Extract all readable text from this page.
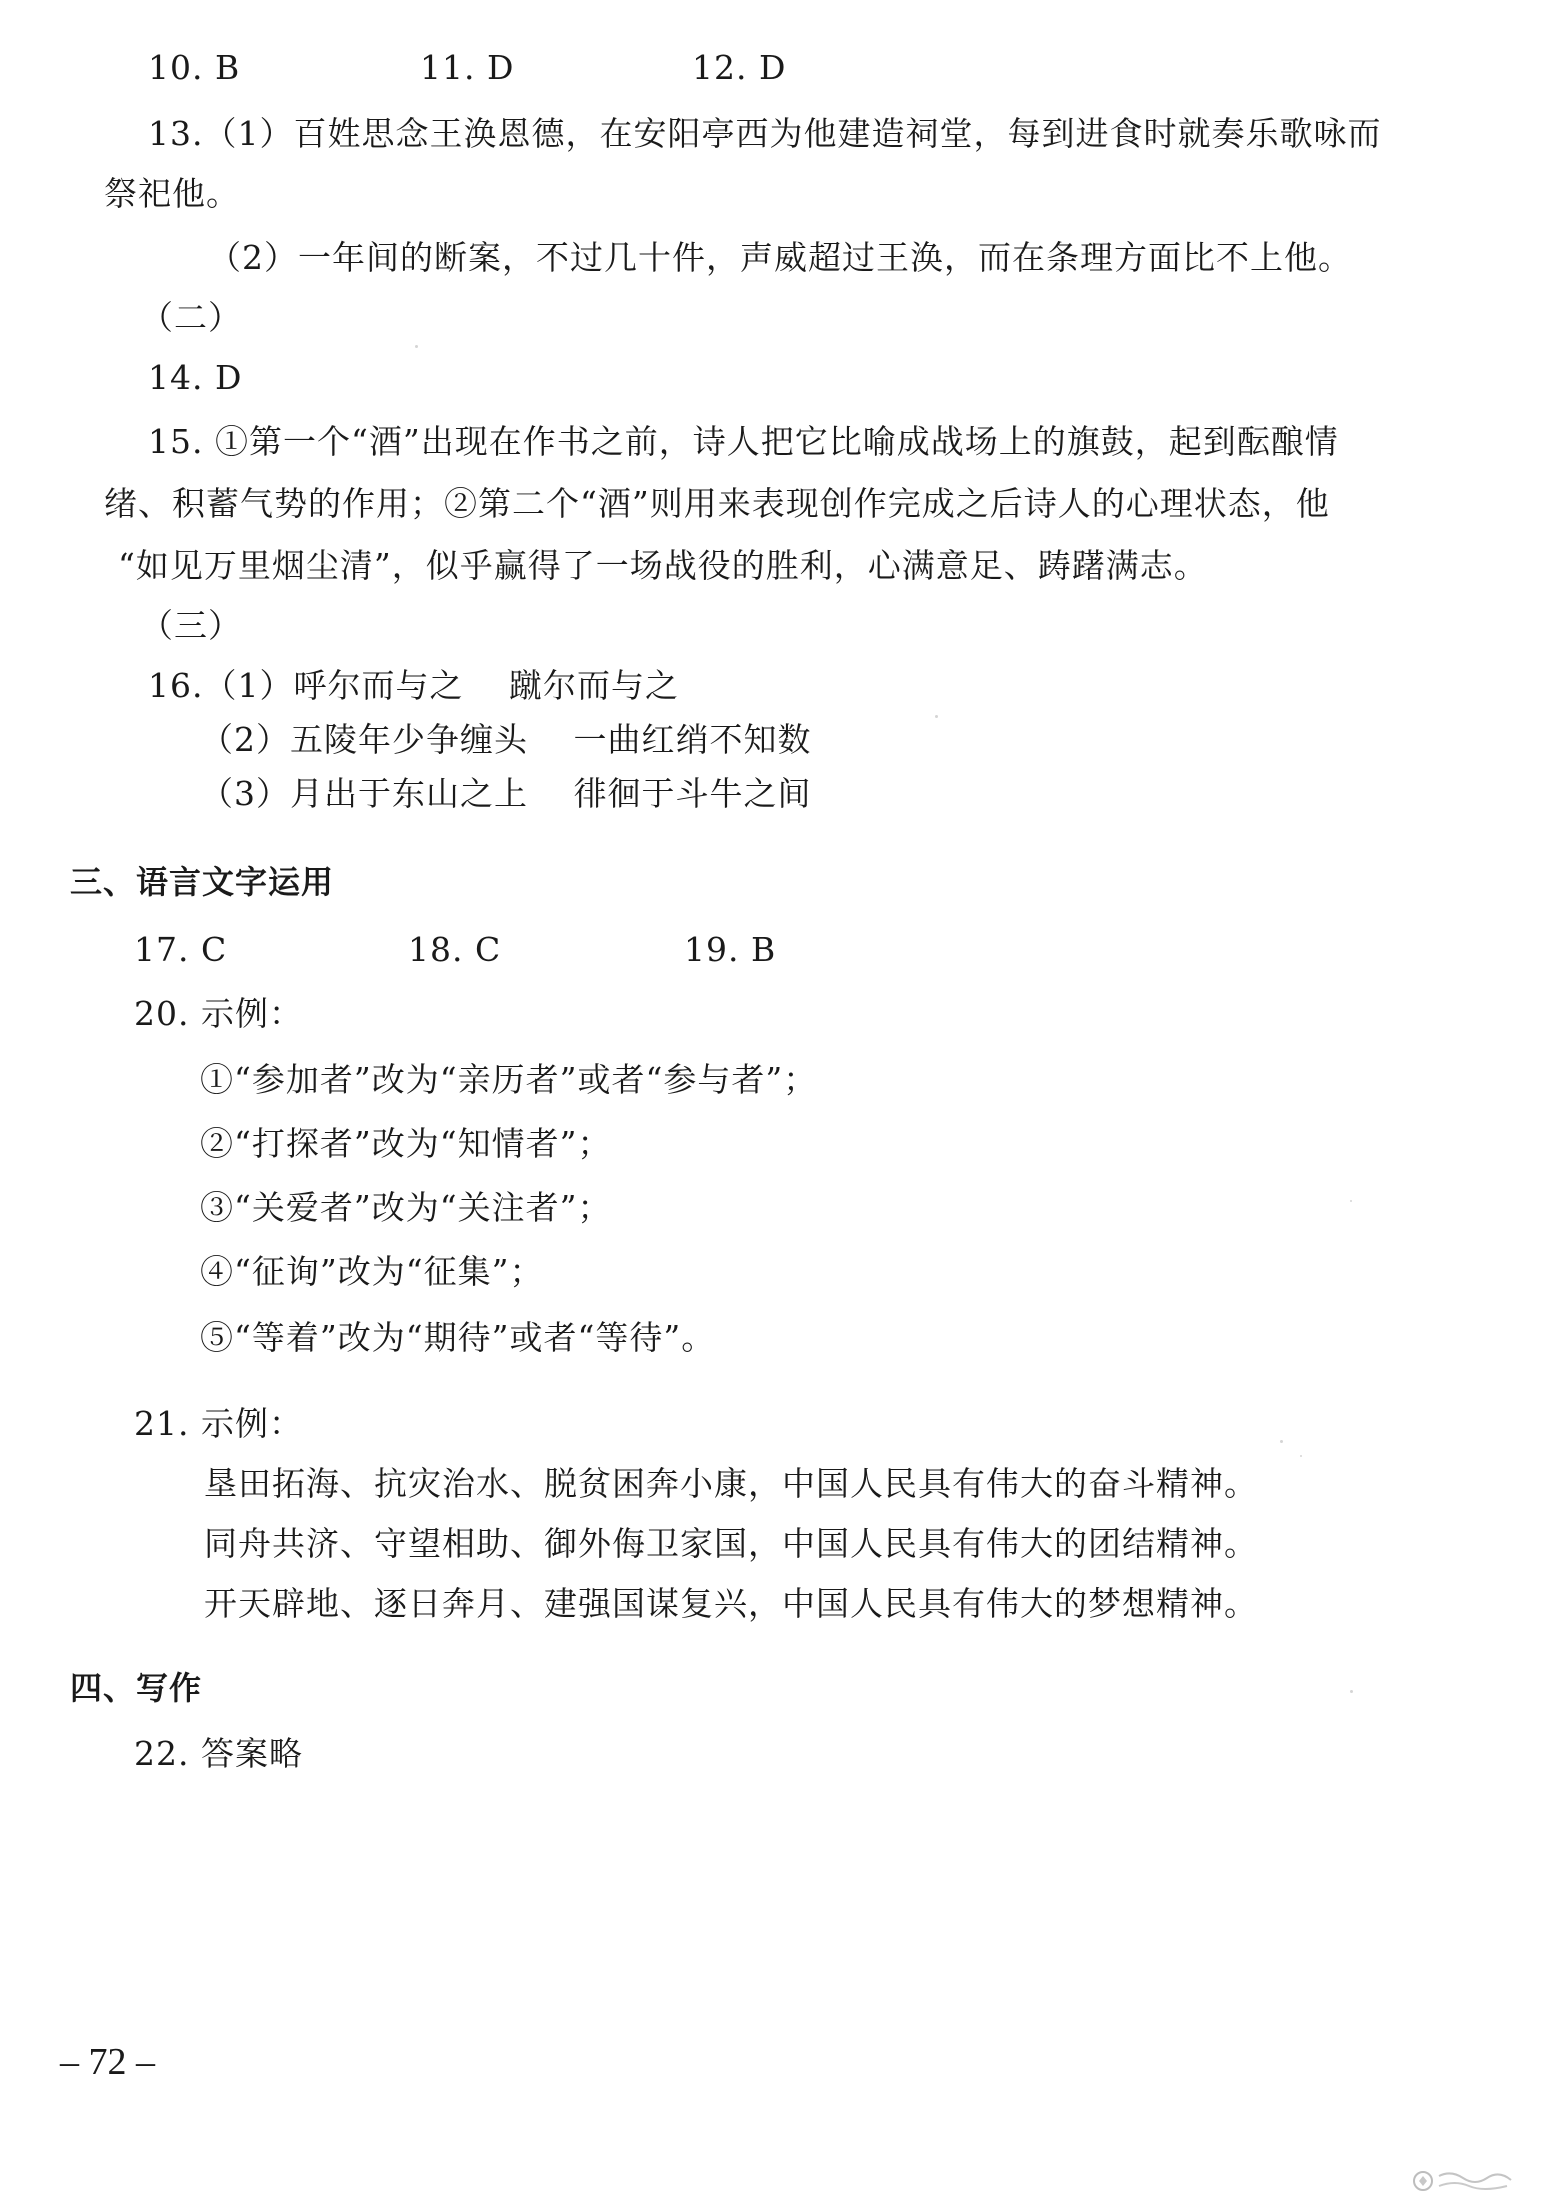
10. B	11. D	12. D
13.（1）百姓思念王涣恩德，在安阳亭西为他建造祠堂，每到进食时就奏乐歌咏而
祭祀他。
（2）一年间的断案，不过几十件，声威超过王涣，而在条理方面比不上他。
（二）
14. D
15. ①第一个“酒”出现在作书之前，诗人把它比喻成战场上的旗鼓，起到酝酿情
绪、积蓄气势的作用；②第二个“酒”则用来表现创作完成之后诗人的心理状态，他
“如见万里烟尘清”，似乎赢得了一场战役的胜利，心满意足、踌躇满志。
（三）
16.（1）呼尔而与之　 蹴尔而与之
（2）五陵年少争缠头　 一曲红绡不知数
（3）月出于东山之上　 徘徊于斗牛之间
三、语言文字运用
17. C	18. C	19. B
20. 示例：
①“参加者”改为“亲历者”或者“参与者”；
②“打探者”改为“知情者”；
③“关爱者”改为“关注者”；
④“征询”改为“征集”；
⑤“等着”改为“期待”或者“等待”。
21. 示例：
垦田拓海、抗灾治水、脱贫困奔小康，中国人民具有伟大的奋斗精神。
同舟共济、守望相助、御外侮卫家国，中国人民具有伟大的团结精神。
开天辟地、逐日奔月、建强国谋复兴，中国人民具有伟大的梦想精神。
四、写作
22. 答案略
– 72 –
